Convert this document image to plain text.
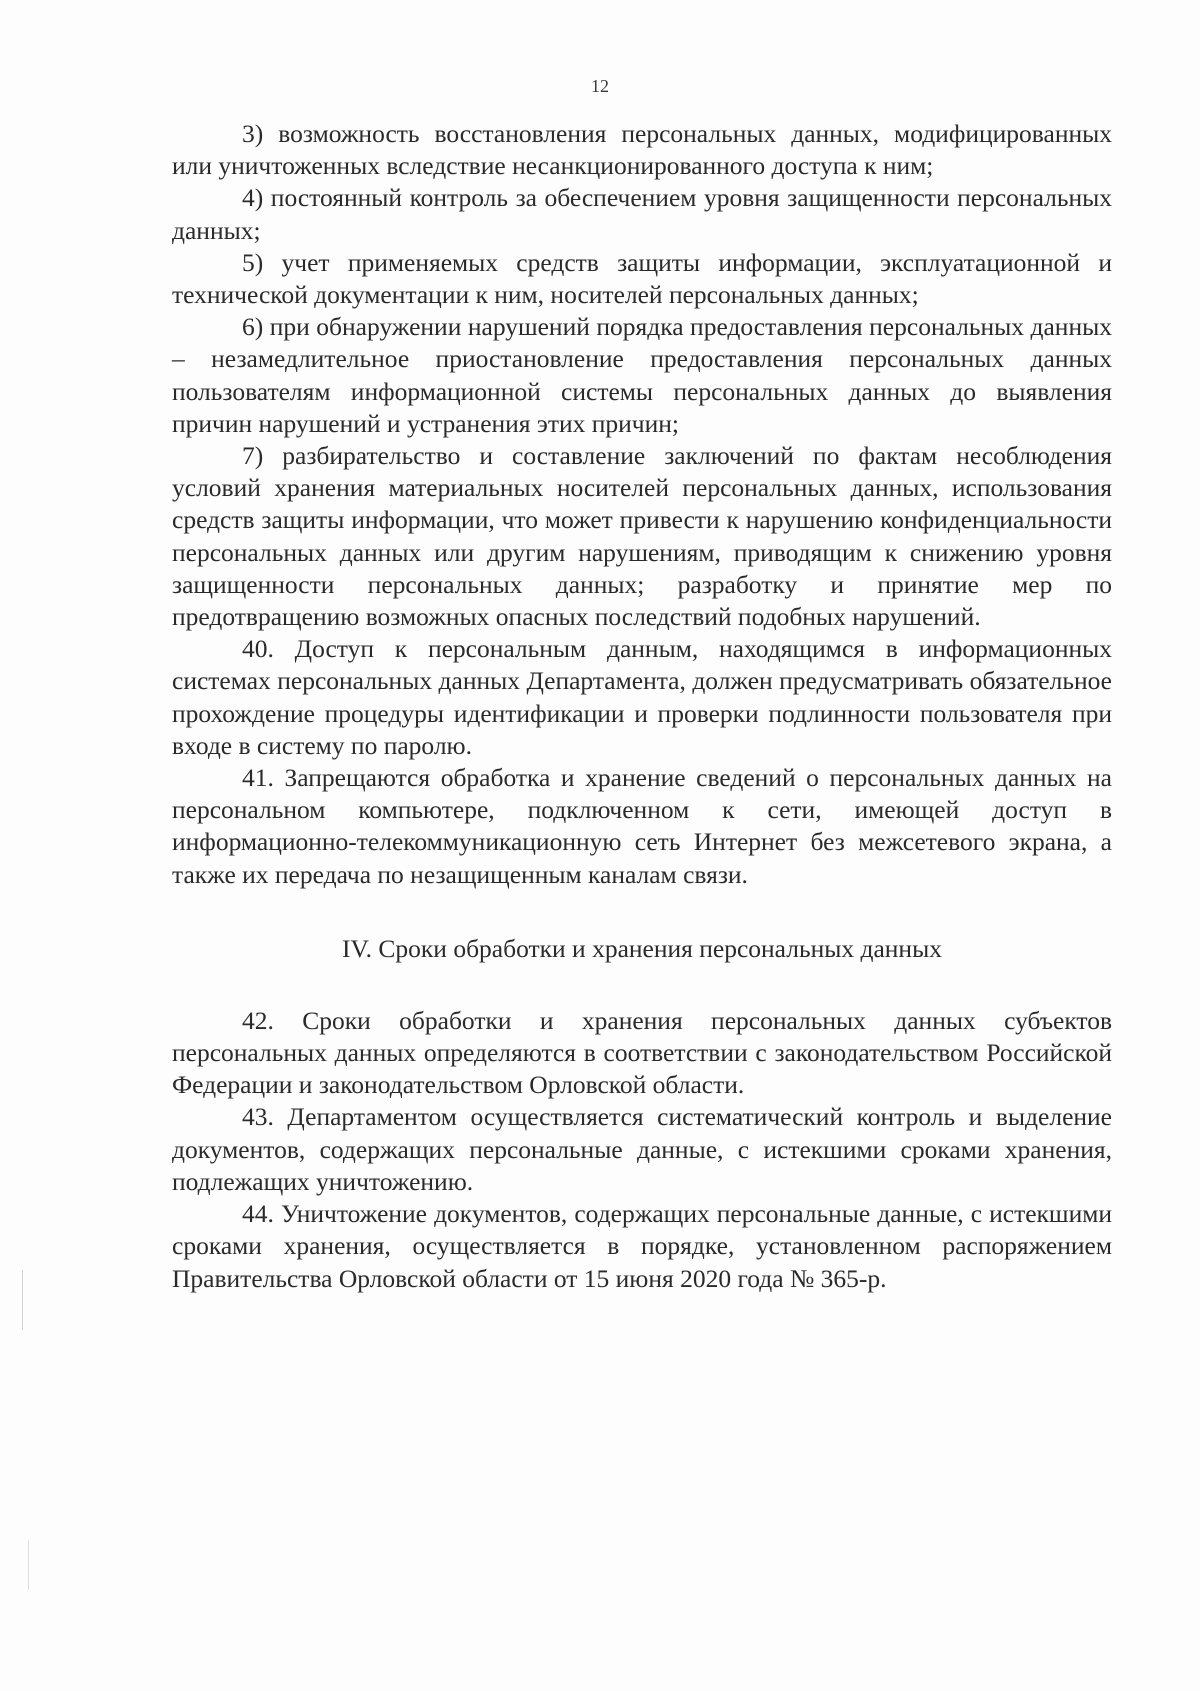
12

3) возможность восстановления персональных данных, модифицированных или уничтоженных вследствие несанкционированного доступа к ним;

4) постоянный контроль за обеспечением уровня защищенности персональных данных;

5) учет применяемых средств защиты информации, эксплуатационной и технической документации к ним, носителей персональных данных;

6) при обнаружении нарушений порядка предоставления персональных данных – незамедлительное приостановление предоставления персональных данных пользователям информационной системы персональных данных до выявления причин нарушений и устранения этих причин;

7) разбирательство и составление заключений по фактам несоблюдения условий хранения материальных носителей персональных данных, использования средств защиты информации, что может привести к нарушению конфиденциальности персональных данных или другим нарушениям, приводящим к снижению уровня защищенности персональных данных; разработку и принятие мер по предотвращению возможных опасных последствий подобных нарушений.

40. Доступ к персональным данным, находящимся в информационных системах персональных данных Департамента, должен предусматривать обязательное прохождение процедуры идентификации и проверки подлинности пользователя при входе в систему по паролю.

41. Запрещаются обработка и хранение сведений о персональных данных на персональном компьютере, подключенном к сети, имеющей доступ в информационно-телекоммуникационную сеть Интернет без межсетевого экрана, а также их передача по незащищенным каналам связи.

IV. Сроки обработки и хранения персональных данных

42. Сроки обработки и хранения персональных данных субъектов персональных данных определяются в соответствии с законодательством Российской Федерации и законодательством Орловской области.

43. Департаментом осуществляется систематический контроль и выделение документов, содержащих персональные данные, с истекшими сроками хранения, подлежащих уничтожению.

44. Уничтожение документов, содержащих персональные данные, с истекшими сроками хранения, осуществляется в порядке, установленном распоряжением Правительства Орловской области от 15 июня 2020 года № 365-р.
